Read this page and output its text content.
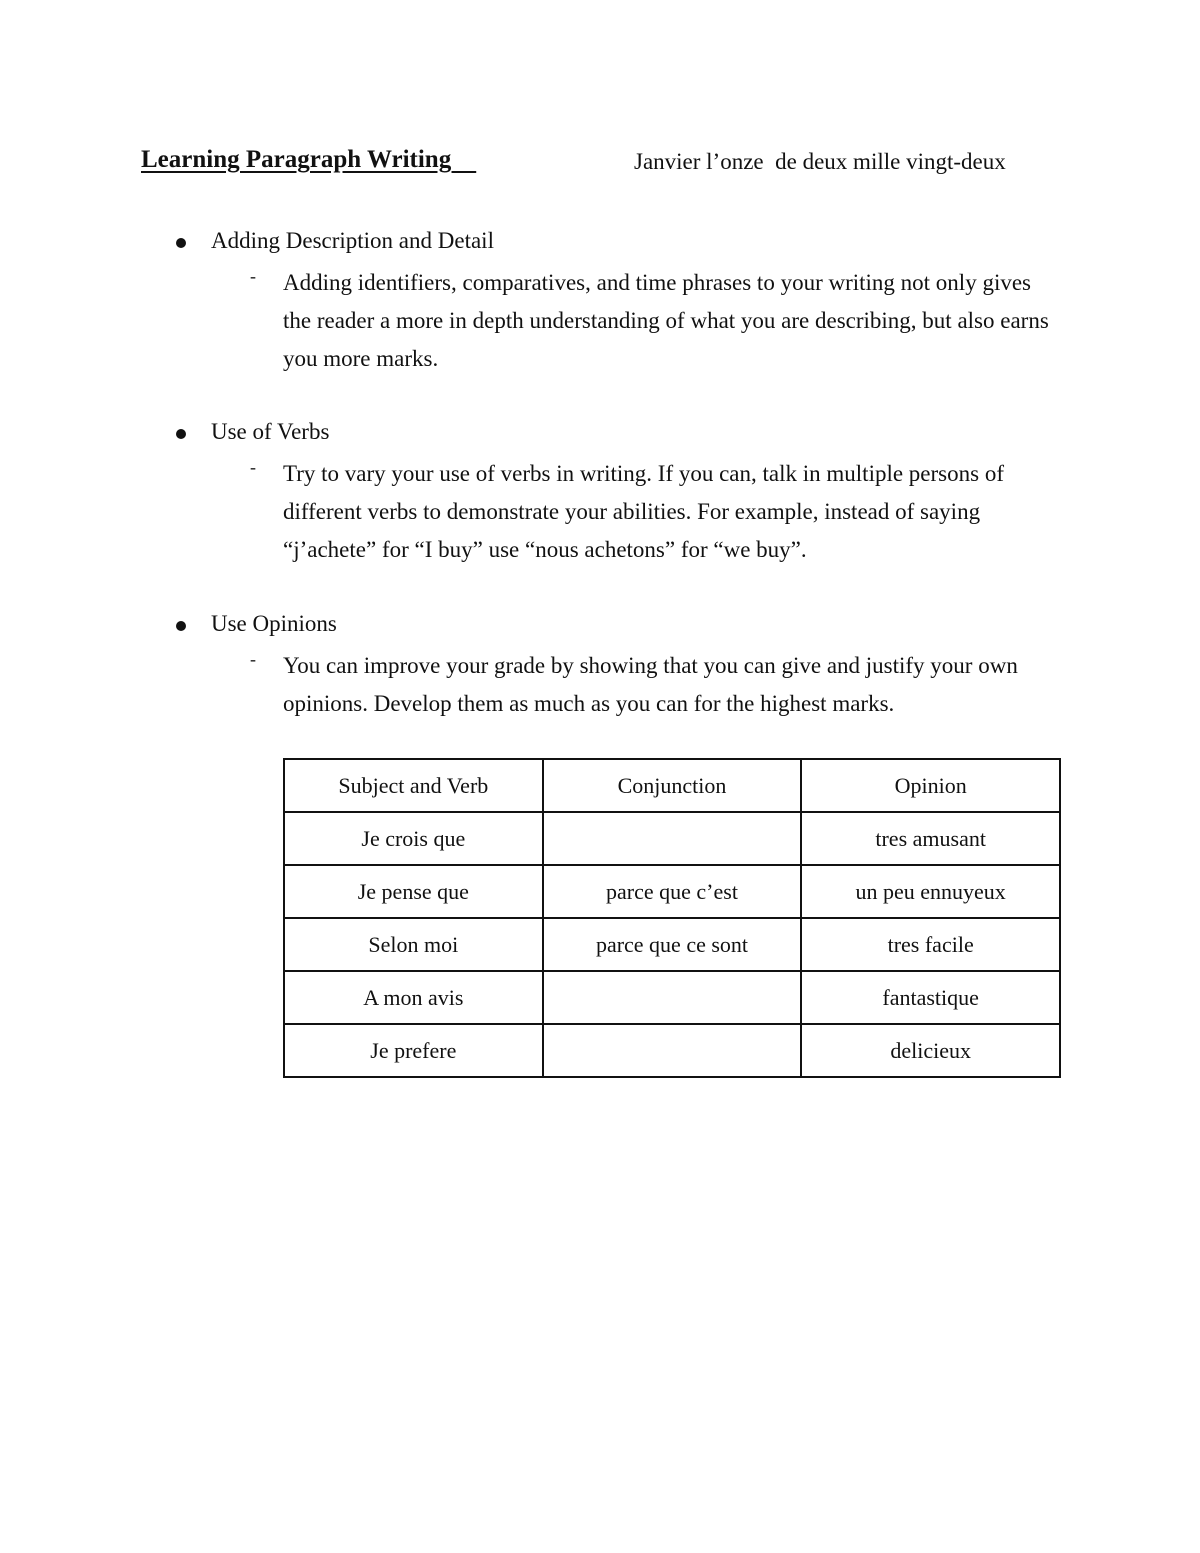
Learning Paragraph Writing	Janvier l’onze  de deux mille vingt-deux
Adding Description and Detail
- Adding identifiers, comparatives, and time phrases to your writing not only gives the reader a more in depth understanding of what you are describing, but also earns you more marks.
Use of Verbs
- Try to vary your use of verbs in writing. If you can, talk in multiple persons of different verbs to demonstrate your abilities. For example, instead of saying “j’achete” for “I buy” use “nous achetons” for “we buy”.
Use Opinions
- You can improve your grade by showing that you can give and justify your own opinions. Develop them as much as you can for the highest marks.
Subject and Verb	Conjunction	Opinion
Je crois que		tres amusant
Je pense que	parce que c’est	un peu ennuyeux
Selon moi	parce que ce sont	tres facile
A mon avis		fantastique
Je prefere		delicieux
